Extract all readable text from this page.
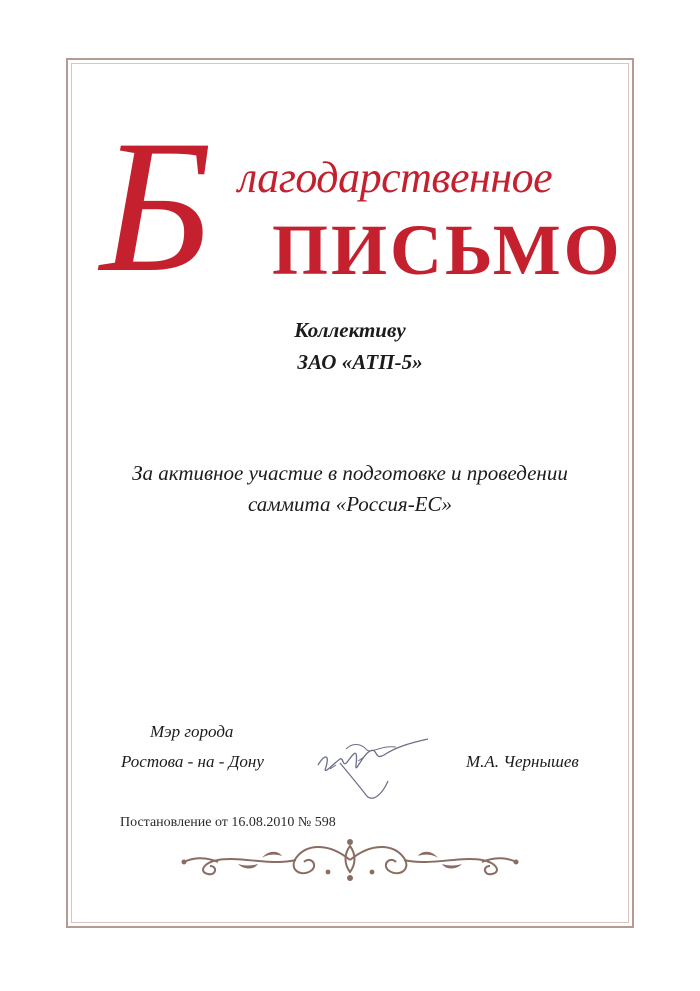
Б лагодарственное
ПИСЬМО
Коллективу
ЗАО «АТП-5»
За активное участие в подготовке и проведении
саммита «Россия-ЕС»
Мэр города
Ростова - на - Дону	М.А. Чернышев
Постановление от 16.08.2010 № 598
